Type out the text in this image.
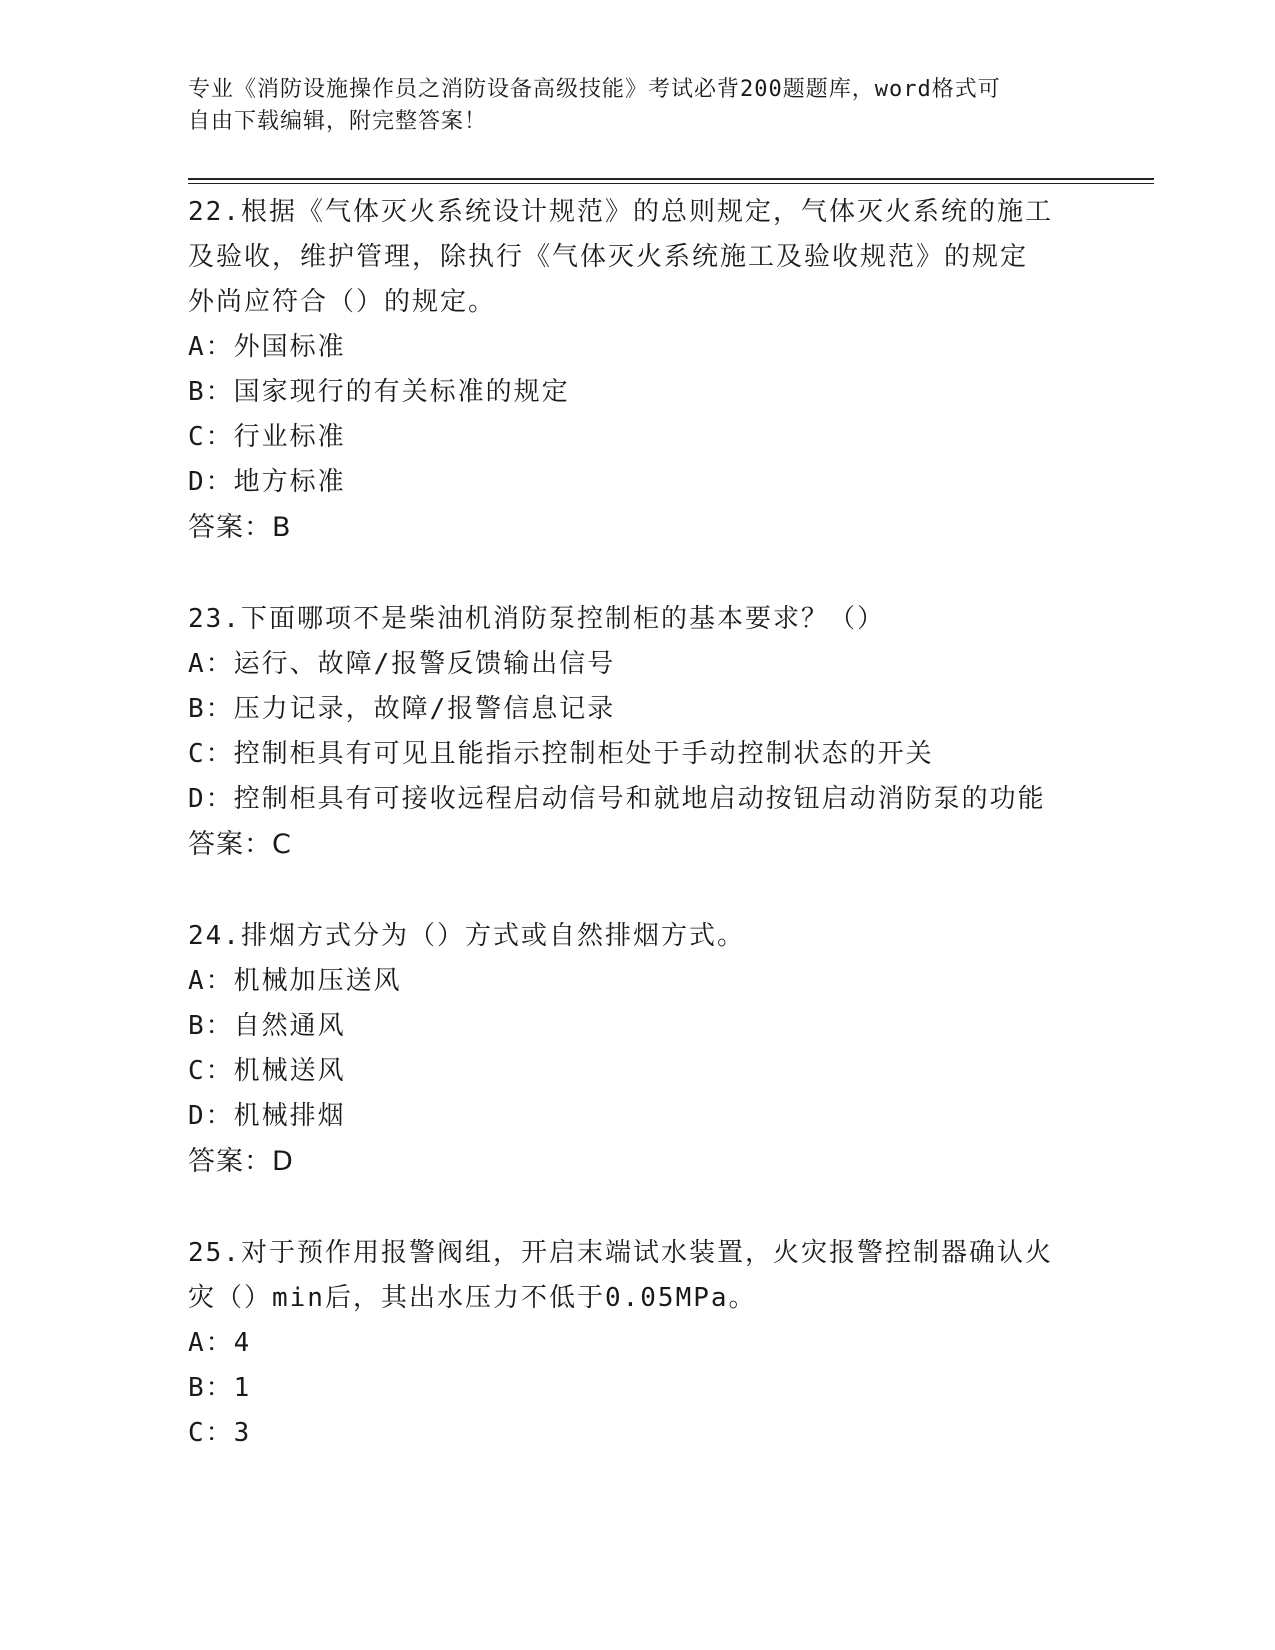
专业《消防设施操作员之消防设备高级技能》考试必背200题题库，word格式可
自由下载编辑，附完整答案！
22.根据《气体灭火系统设计规范》的总则规定，气体灭火系统的施工
及验收，维护管理，除执行《气体灭火系统施工及验收规范》的规定
外尚应符合（）的规定。
A：外国标准
B：国家现行的有关标准的规定
C：行业标准
D：地方标准
答案：B
23.下面哪项不是柴油机消防泵控制柜的基本要求？（）
A：运行、故障/报警反馈输出信号
B：压力记录，故障/报警信息记录
C：控制柜具有可见且能指示控制柜处于手动控制状态的开关
D：控制柜具有可接收远程启动信号和就地启动按钮启动消防泵的功能
答案：C
24.排烟方式分为（）方式或自然排烟方式。
A：机械加压送风
B：自然通风
C：机械送风
D：机械排烟
答案：D
25.对于预作用报警阀组，开启末端试水装置，火灾报警控制器确认火
灾（）min后，其出水压力不低于0.05MPa。
A：4
B：1
C：3
